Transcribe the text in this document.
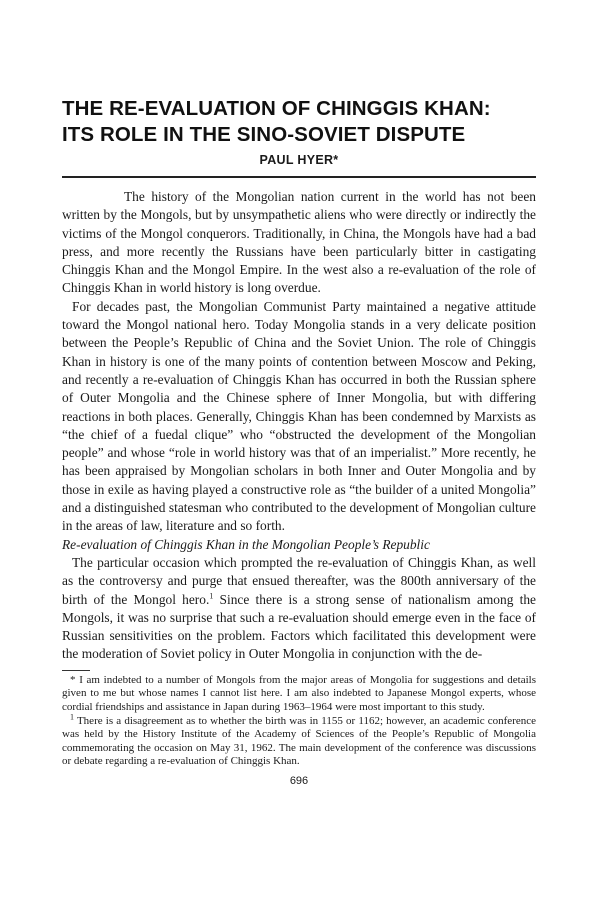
THE RE-EVALUATION OF CHINGGIS KHAN:
ITS ROLE IN THE SINO-SOVIET DISPUTE
PAUL HYER*

The history of the Mongolian nation current in the world has not been written by the Mongols, but by unsympathetic aliens who were directly or indirectly the victims of the Mongol conquerors. Traditionally, in China, the Mongols have had a bad press, and more recently the Russians have been particularly bitter in castigating Chinggis Khan and the Mongol Empire. In the west also a re-evaluation of the role of Chinggis Khan in world history is long overdue.

For decades past, the Mongolian Communist Party maintained a negative attitude toward the Mongol national hero. Today Mongolia stands in a very delicate position between the People’s Republic of China and the Soviet Union. The role of Chinggis Khan in history is one of the many points of contention between Moscow and Peking, and recently a re-evaluation of Chinggis Khan has occurred in both the Russian sphere of Outer Mongolia and the Chinese sphere of Inner Mongolia, but with differing reactions in both places. Generally, Chinggis Khan has been condemned by Marxists as “the chief of a fuedal clique” who “obstructed the development of the Mongolian people” and whose “role in world history was that of an imperialist.” More recently, he has been appraised by Mongolian scholars in both Inner and Outer Mongolia and by those in exile as having played a constructive role as “the builder of a united Mongolia” and a distinguished statesman who contributed to the development of Mongolian culture in the areas of law, literature and so forth.

Re-evaluation of Chinggis Khan in the Mongolian People’s Republic

The particular occasion which prompted the re-evaluation of Chinggis Khan, as well as the controversy and purge that ensued thereafter, was the 800th anniversary of the birth of the Mongol hero.$^1$ Since there is a strong sense of nationalism among the Mongols, it was no surprise that such a re-evaluation should emerge even in the face of Russian sensitivities on the problem. Factors which facilitated this development were the moderation of Soviet policy in Outer Mongolia in conjunction with the de-

* I am indebted to a number of Mongols from the major areas of Mongolia for suggestions and details given to me but whose names I cannot list here. I am also indebted to Japanese Mongol experts, whose cordial friendships and assistance in Japan during 1963–1964 were most important to this study.

$^1$ There is a disagreement as to whether the birth was in 1155 or 1162; however, an academic conference was held by the History Institute of the Academy of Sciences of the People’s Republic of Mongolia commemorating the occasion on May 31, 1962. The main development of the conference was discussions or debate regarding a re-evaluation of Chinggis Khan.

696
